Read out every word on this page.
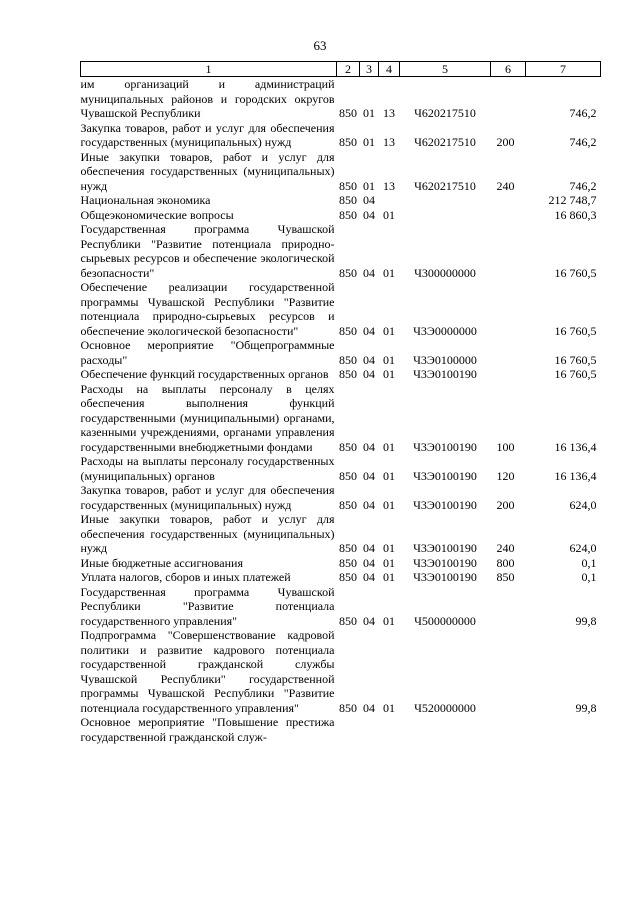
63
1	2	3	4	5	6	7
им организаций и администраций муниципальных районов и городских округов Чувашской Республики	850	01	13	Ч620217510		746,2
Закупка товаров, работ и услуг для обеспечения государственных (муниципальных) нужд	850	01	13	Ч620217510	200	746,2
Иные закупки товаров, работ и услуг для обеспечения государственных (муниципальных) нужд	850	01	13	Ч620217510	240	746,2
Национальная экономика	850	04				212 748,7
Общеэкономические вопросы	850	04	01			16 860,3
Государственная программа Чувашской Республики "Развитие потенциала природно-сырьевых ресурсов и обеспечение экологической безопасности"	850	04	01	Ч300000000		16 760,5
Обеспечение реализации государственной программы Чувашской Республики "Развитие потенциала природно-сырьевых ресурсов и обеспечение экологической безопасности"	850	04	01	Ч3Э0000000		16 760,5
Основное мероприятие "Общепрограммные расходы"	850	04	01	Ч3Э0100000		16 760,5
Обеспечение функций государственных органов	850	04	01	Ч3Э0100190		16 760,5
Расходы на выплаты персоналу в целях обеспечения выполнения функций государственными (муниципальными) органами, казенными учреждениями, органами управления государственными внебюджетными фондами	850	04	01	Ч3Э0100190	100	16 136,4
Расходы на выплаты персоналу государственных (муниципальных) органов	850	04	01	Ч3Э0100190	120	16 136,4
Закупка товаров, работ и услуг для обеспечения государственных (муниципальных) нужд	850	04	01	Ч3Э0100190	200	624,0
Иные закупки товаров, работ и услуг для обеспечения государственных (муниципальных) нужд	850	04	01	Ч3Э0100190	240	624,0
Иные бюджетные ассигнования	850	04	01	Ч3Э0100190	800	0,1
Уплата налогов, сборов и иных платежей	850	04	01	Ч3Э0100190	850	0,1
Государственная программа Чувашской Республики "Развитие потенциала государственного управления"	850	04	01	Ч500000000		99,8
Подпрограмма "Совершенствование кадровой политики и развитие кадрового потенциала государственной гражданской службы Чувашской Республики" государственной программы Чувашской Республики "Развитие потенциала государственного управления"	850	04	01	Ч520000000		99,8
Основное мероприятие "Повышение престижа государственной гражданской служ-						
